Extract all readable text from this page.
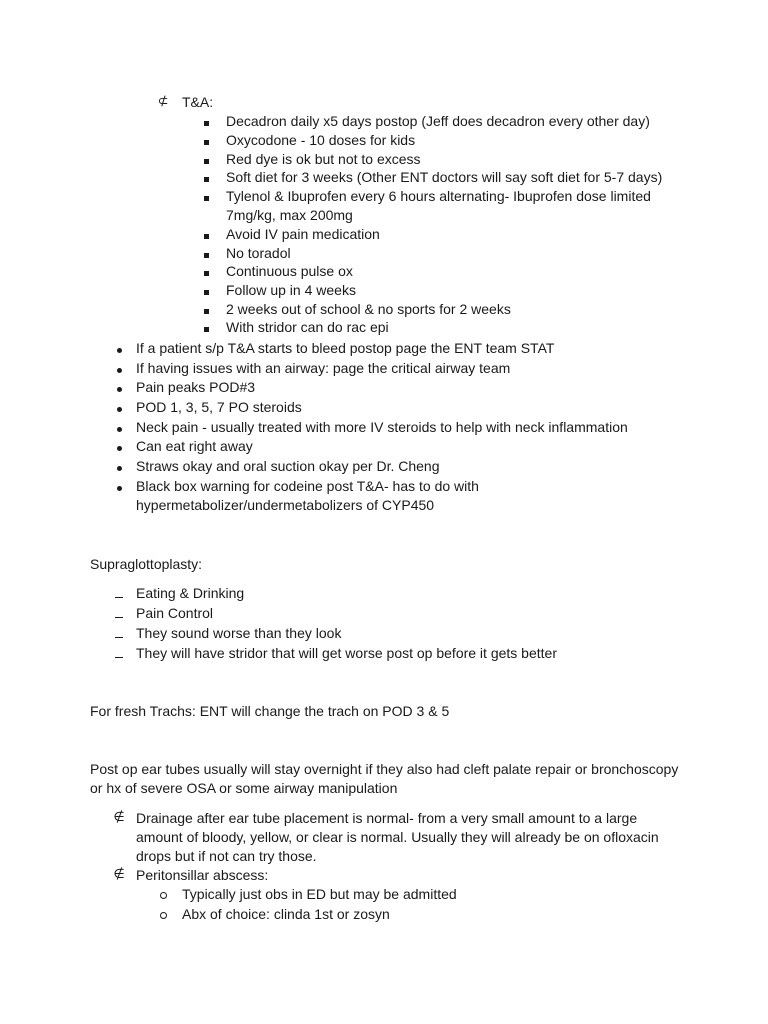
⊄ T&A:
Decadron daily x5 days postop (Jeff does decadron every other day)
Oxycodone - 10 doses for kids
Red dye is ok but not to excess
Soft diet for 3 weeks (Other ENT doctors will say soft diet for 5-7 days)
Tylenol & Ibuprofen every 6 hours alternating- Ibuprofen dose limited
7mg/kg, max 200mg
Avoid IV pain medication
No toradol
Continuous pulse ox
Follow up in 4 weeks
2 weeks out of school & no sports for 2 weeks
With stridor can do rac epi
If a patient s/p T&A starts to bleed postop page the ENT team STAT
If having issues with an airway: page the critical airway team
Pain peaks POD#3
POD 1, 3, 5, 7 PO steroids
Neck pain - usually treated with more IV steroids to help with neck inflammation
Can eat right away
Straws okay and oral suction okay per Dr. Cheng
Black box warning for codeine post T&A- has to do with
hypermetabolizer/undermetabolizers of CYP450
Supraglottoplasty:
Eating & Drinking
Pain Control
They sound worse than they look
They will have stridor that will get worse post op before it gets better
For fresh Trachs: ENT will change the trach on POD 3 & 5
Post op ear tubes usually will stay overnight if they also had cleft palate repair or bronchoscopy
or hx of severe OSA or some airway manipulation
∉ Drainage after ear tube placement is normal- from a very small amount to a large
amount of bloody, yellow, or clear is normal. Usually they will already be on ofloxacin
drops but if not can try those.
∉ Peritonsillar abscess:
Typically just obs in ED but may be admitted
Abx of choice: clinda 1st or zosyn
